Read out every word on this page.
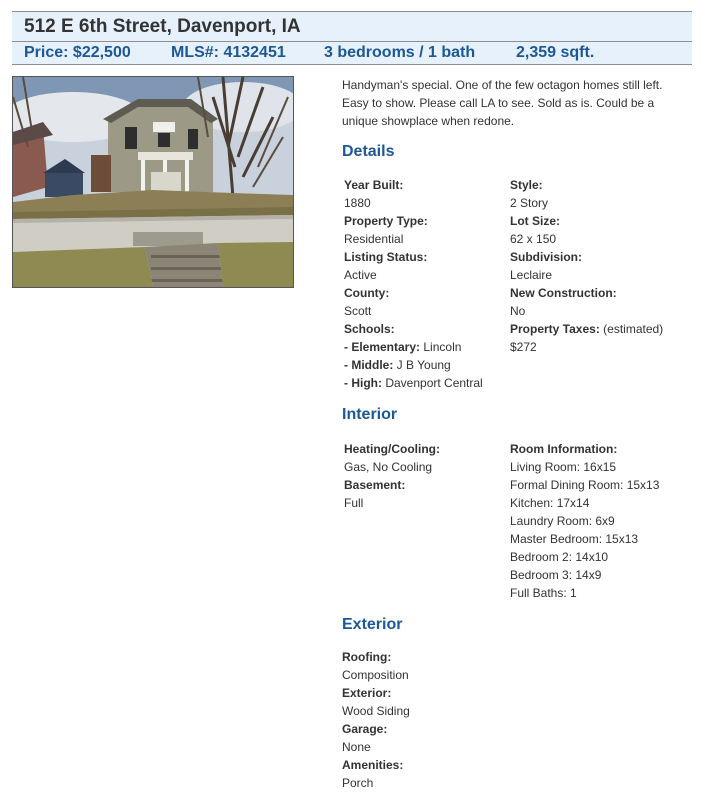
512 E 6th Street, Davenport, IA
Price: $22,500	MLS#: 4132451 3 bedrooms / 1 bath	2,359 sqft.

Handyman's special. One of the few octagon homes still left. Easy to show. Please call LA to see. Sold as is. Could be a unique showplace when redone.

Details
Year Built:
1880
Property Type:
Residential
Listing Status:
Active
County:
Scott
Schools:
- Elementary: Lincoln
- Middle: J B Young
- High: Davenport Central
Style:
2 Story
Lot Size:
62 x 150
Subdivision:
Leclaire
New Construction:
No
Property Taxes: (estimated)
$272
Interior
Heating/Cooling:
Gas, No Cooling
Basement:
Full
Room Information:
Living Room: 16x15
Formal Dining Room: 15x13
Kitchen: 17x14
Laundry Room: 6x9
Master Bedroom: 15x13
Bedroom 2: 14x10
Bedroom 3: 14x9
Full Baths: 1
Exterior
Roofing:
Composition
Exterior:
Wood Siding
Garage:
None
Amenities:
Porch
